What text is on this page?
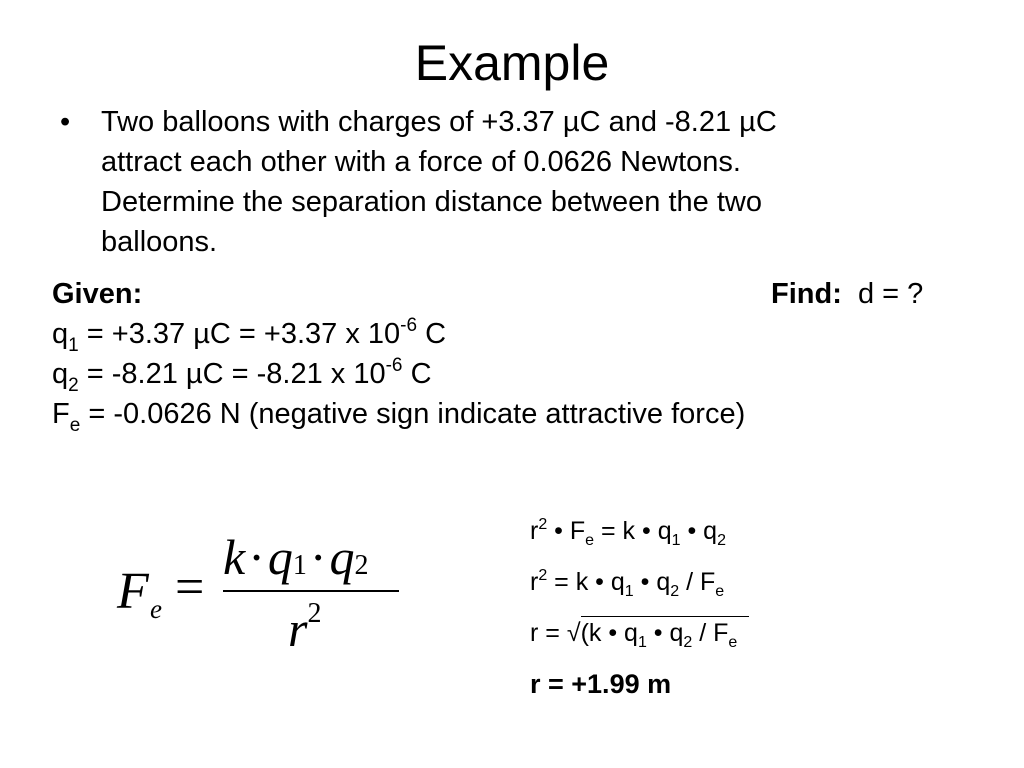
Example
•	Two balloons with charges of +3.37 µC and -8.21 µC
attract each other with a force of 0.0626 Newtons.
Determine the separation distance between the two
balloons.
Given:
$q_1 = +3.37$ µC = +3.37 x $10^{-6}$ C
$q_2 = -8.21$ µC = -8.21 x $10^{-6}$ C
$F_e = -0.0626$ N (negative sign indicate attractive force)
Find: d = ?
F e =
k·q1·q2
$r^2$
$r^2$ • $F_e = k$ • $q_1$ • $q_2$
$r^2 = k$ • $q_1$ • $q_2 / F_e$
r = √(k • $q_1$ • $q_2 / F_e$
r = +1.99 m
